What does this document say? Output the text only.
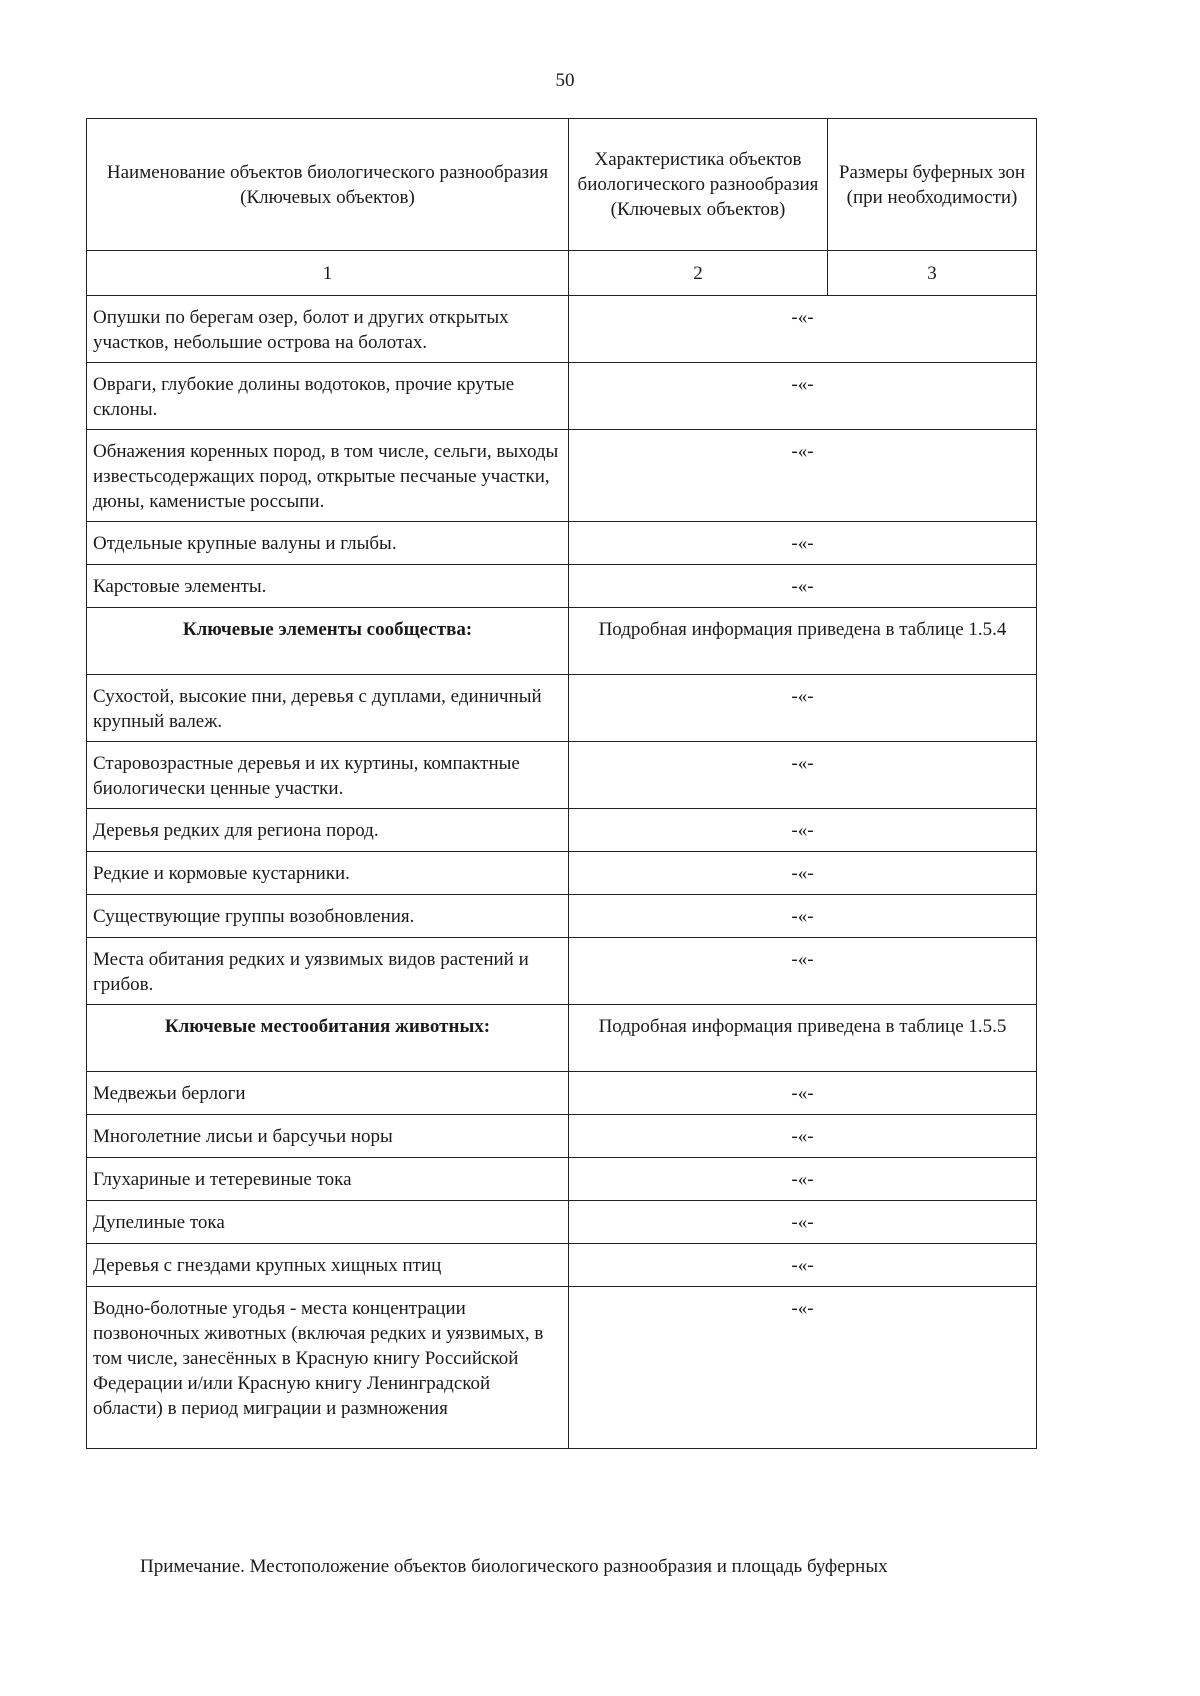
50
Наименование объектов биологического разнообразия (Ключевых объектов)	Характеристика объектов биологического разнообразия (Ключевых объектов)	Размеры буферных зон (при необходимости)
1	2	3
Опушки по берегам озер, болот и других открытых участков, небольшие острова на болотах.	-«-	
Овраги, глубокие долины водотоков, прочие крутые склоны.	-«-	
Обнажения коренных пород, в том числе, сельги, выходы известьсодержащих пород, открытые песчаные участки, дюны, каменистые россыпи.	-«-	
Отдельные крупные валуны и глыбы.	-«-	
Карстовые элементы.	-«-	
Ключевые элементы сообщества:	Подробная информация приведена в таблице 1.5.4	
Сухостой, высокие пни, деревья с дуплами, единичный крупный валеж.	-«-	
Старовозрастные деревья и их куртины, компактные биологически ценные участки.	-«-	
Деревья редких для региона пород.	-«-	
Редкие и кормовые кустарники.	-«-	
Существующие группы возобновления.	-«-	
Места обитания редких и уязвимых видов растений и грибов.	-«-	
Ключевые местообитания животных:	Подробная информация приведена в таблице 1.5.5	
Медвежьи берлоги	-«-	
Многолетние лисьи и барсучьи норы	-«-	
Глухариные и тетеревиные тока	-«-	
Дупелиные тока	-«-	
Деревья с гнездами крупных хищных птиц	-«-	
Водно-болотные угодья - места концентрации позвоночных животных (включая редких и уязвимых, в том числе, занесённых в Красную книгу Российской Федерации и/или Красную книгу Ленинградской области) в период миграции и размножения	-«-	
Примечание. Местоположение объектов биологического разнообразия и площадь буферных
